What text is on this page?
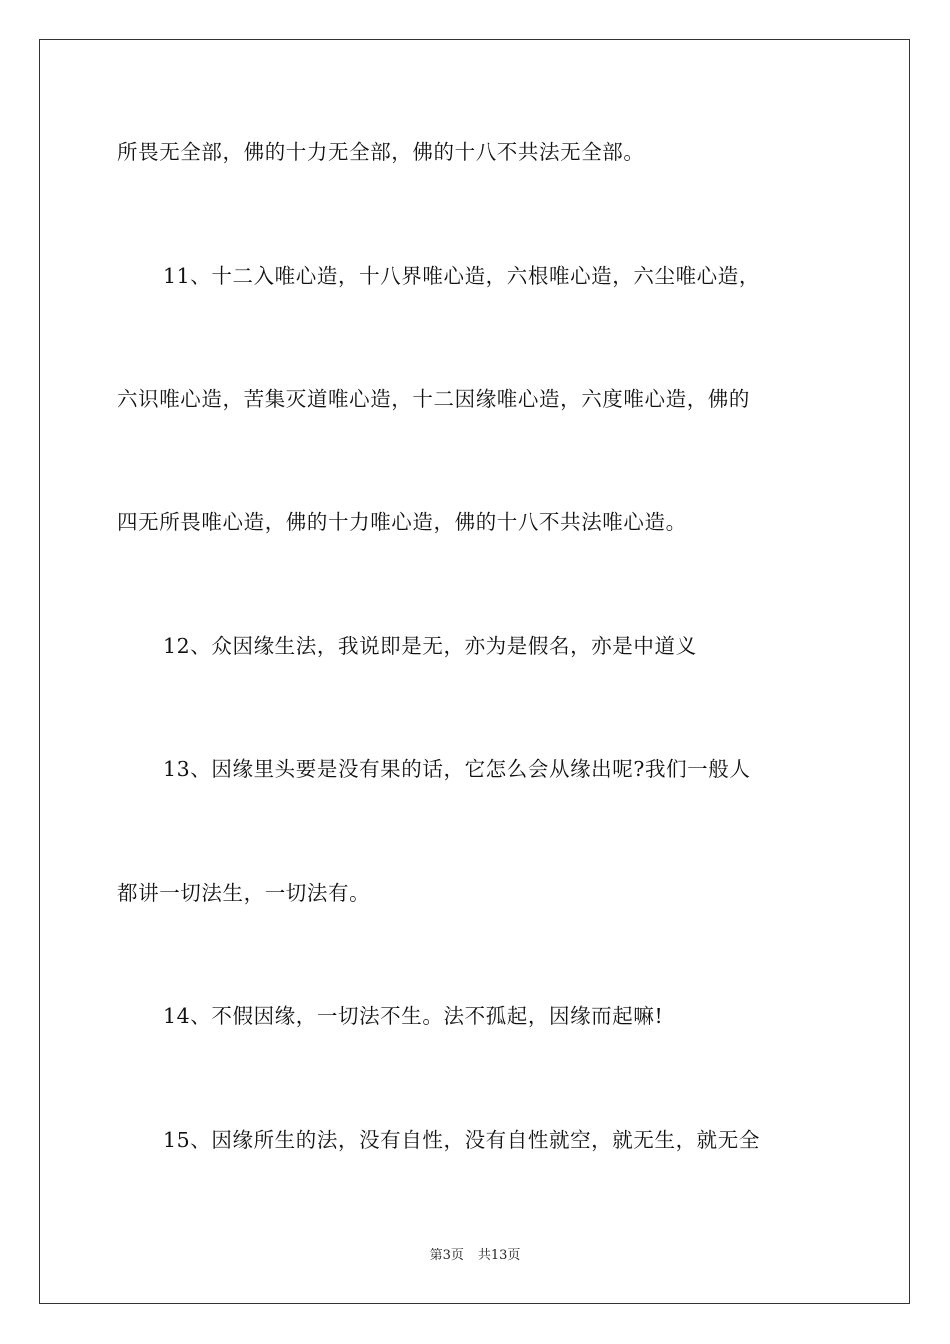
所畏无全部，佛的十力无全部，佛的十八不共法无全部。
11、十二入唯心造，十八界唯心造，六根唯心造，六尘唯心造，
六识唯心造，苦集灭道唯心造，十二因缘唯心造，六度唯心造，佛的
四无所畏唯心造，佛的十力唯心造，佛的十八不共法唯心造。
12、众因缘生法，我说即是无，亦为是假名，亦是中道义
13、因缘里头要是没有果的话，它怎么会从缘出呢?我们一般人
都讲一切法生，一切法有。
14、不假因缘，一切法不生。法不孤起，因缘而起嘛!
15、因缘所生的法，没有自性，没有自性就空，就无生，就无全
第3页 共13页
